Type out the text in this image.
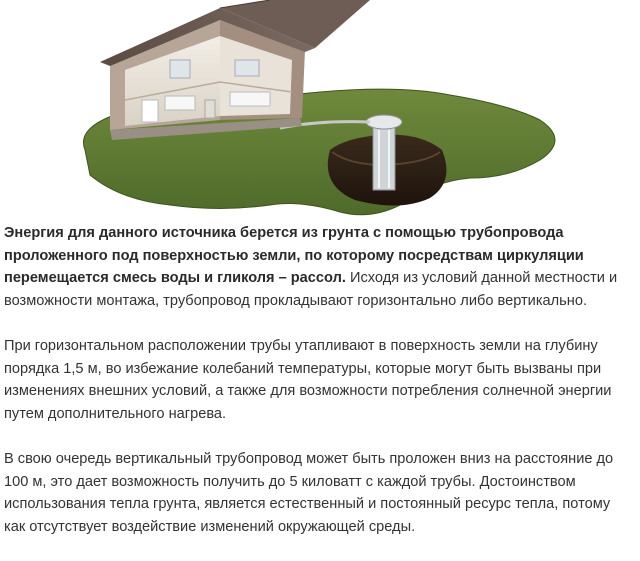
Энергия для данного источника берется из грунта с помощью трубопровода проложенного под поверхностью земли, по которому посредствам циркуляции перемещается смесь воды и гликоля – рассол. Исходя из условий данной местности и возможности монтажа, трубопровод прокладывают горизонтально либо вертикально.

При горизонтальном расположении трубы утапливают в поверхность земли на глубину порядка 1,5 м, во избежание колебаний температуры, которые могут быть вызваны при изменениях внешних условий, а также для возможности потребления солнечной энергии путем дополнительного нагрева.

В свою очередь вертикальный трубопровод может быть проложен вниз на расстояние до 100 м, это дает возможность получить до 5 киловатт с каждой трубы. Достоинством использования тепла грунта, является естественный и постоянный ресурс тепла, потому как отсутствует воздействие изменений окружающей среды.
